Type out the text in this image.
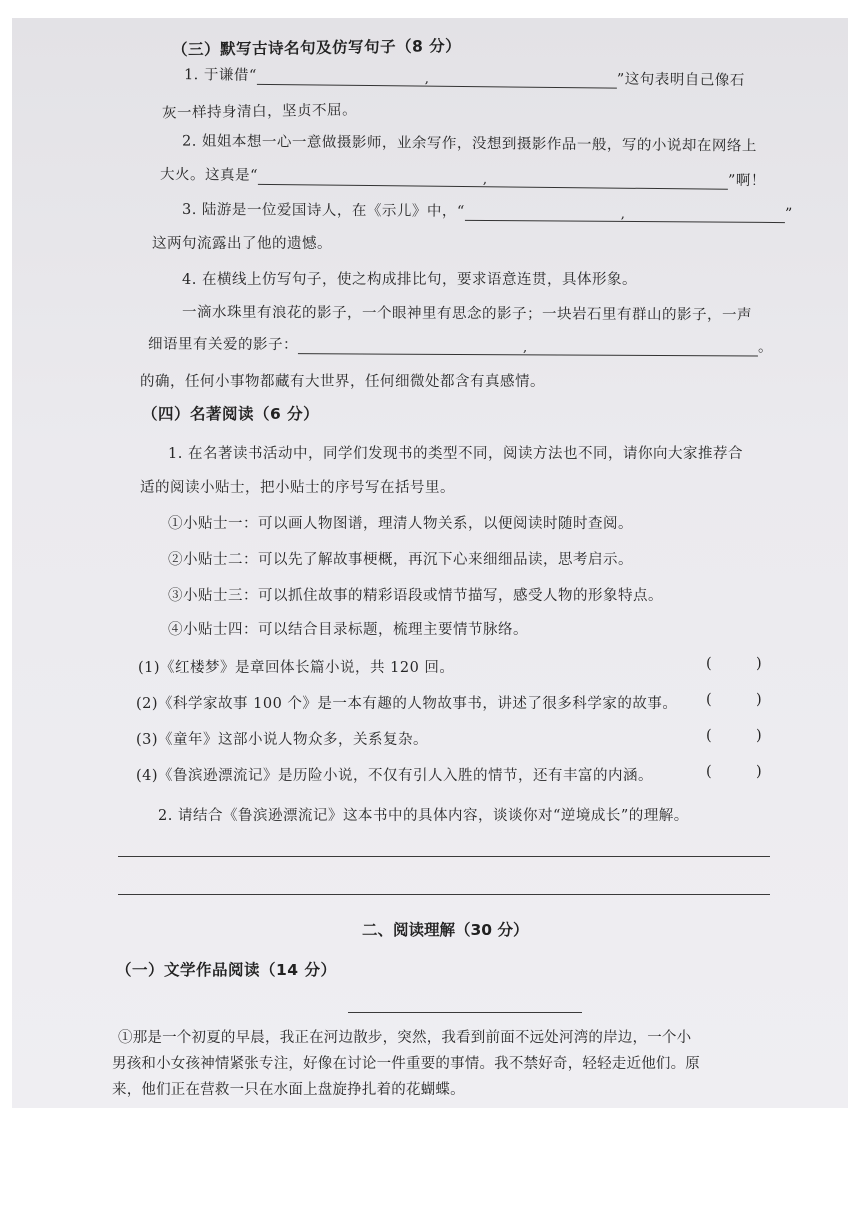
（三）默写古诗名句及仿写句子（8 分）
1. 于谦借“	,	”这句表明自己像石
灰一样持身清白，坚贞不屈。
2. 姐姐本想一心一意做摄影师，业余写作，没想到摄影作品一般，写的小说却在网络上
大火。这真是“	,	”啊！
3. 陆游是一位爱国诗人，在《示儿》中，“	,	”
这两句流露出了他的遗憾。
4. 在横线上仿写句子，使之构成排比句，要求语意连贯，具体形象。
一滴水珠里有浪花的影子，一个眼神里有思念的影子；一块岩石里有群山的影子，一声
细语里有关爱的影子：	,	。
的确，任何小事物都藏有大世界，任何细微处都含有真感情。
（四）名著阅读（6 分）
1. 在名著读书活动中，同学们发现书的类型不同，阅读方法也不同，请你向大家推荐合
适的阅读小贴士，把小贴士的序号写在括号里。
①小贴士一：可以画人物图谱，理清人物关系，以便阅读时随时查阅。
②小贴士二：可以先了解故事梗概，再沉下心来细细品读，思考启示。
③小贴士三：可以抓住故事的精彩语段或情节描写，感受人物的形象特点。
④小贴士四：可以结合目录标题，梳理主要情节脉络。
(1)《红楼梦》是章回体长篇小说，共 120 回。	(	)
(2)《科学家故事 100 个》是一本有趣的人物故事书，讲述了很多科学家的故事。 (	)
(3)《童年》这部小说人物众多，关系复杂。	(	)
(4)《鲁滨逊漂流记》是历险小说，不仅有引人入胜的情节，还有丰富的内涵。	(	)
2. 请结合《鲁滨逊漂流记》这本书中的具体内容，谈谈你对“逆境成长”的理解。
二、阅读理解（30 分）
（一）文学作品阅读（14 分）
①那是一个初夏的早晨，我正在河边散步，突然，我看到前面不远处河湾的岸边，一个小
男孩和小女孩神情紧张专注，好像在讨论一件重要的事情。我不禁好奇，轻轻走近他们。原
来，他们正在营救一只在水面上盘旋挣扎着的花蝴蝶。
